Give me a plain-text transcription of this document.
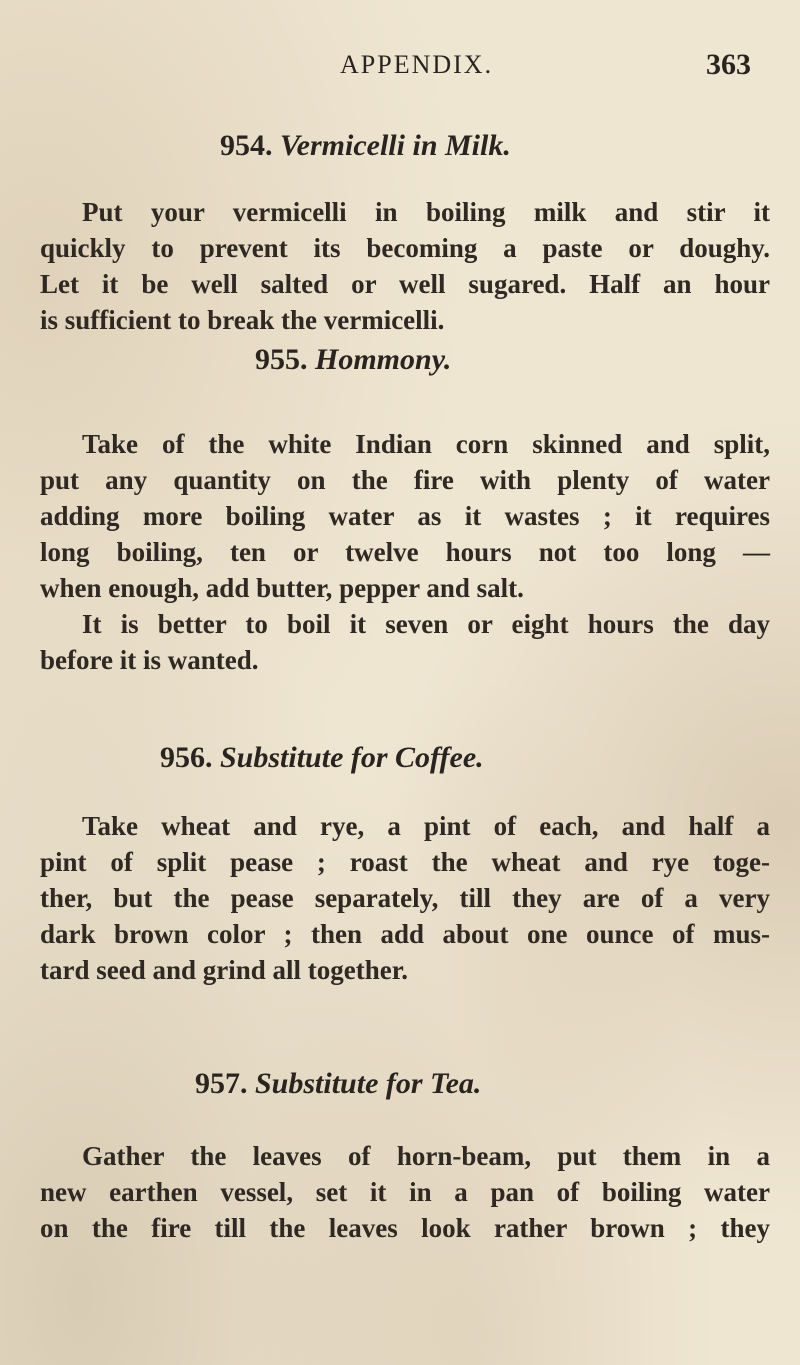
APPENDIX.	363
954. Vermicelli in Milk.

Put your vermicelli in boiling milk and stir it
quickly to prevent its becoming a paste or doughy.
Let it be well salted or well sugared. Half an hour
is sufficient to break the vermicelli.

955. Hommony.

Take of the white Indian corn skinned and split,
put any quantity on the fire with plenty of water
adding more boiling water as it wastes ; it requires
long boiling, ten or twelve hours not too long —
when enough, add butter, pepper and salt.
It is better to boil it seven or eight hours the day
before it is wanted.

956. Substitute for Coffee.

Take wheat and rye, a pint of each, and half a
pint of split pease ; roast the wheat and rye toge-
ther, but the pease separately, till they are of a very
dark brown color ; then add about one ounce of mus-
tard seed and grind all together.

957. Substitute for Tea.

Gather the leaves of horn-beam, put them in a
new earthen vessel, set it in a pan of boiling water
on the fire till the leaves look rather brown ; they
